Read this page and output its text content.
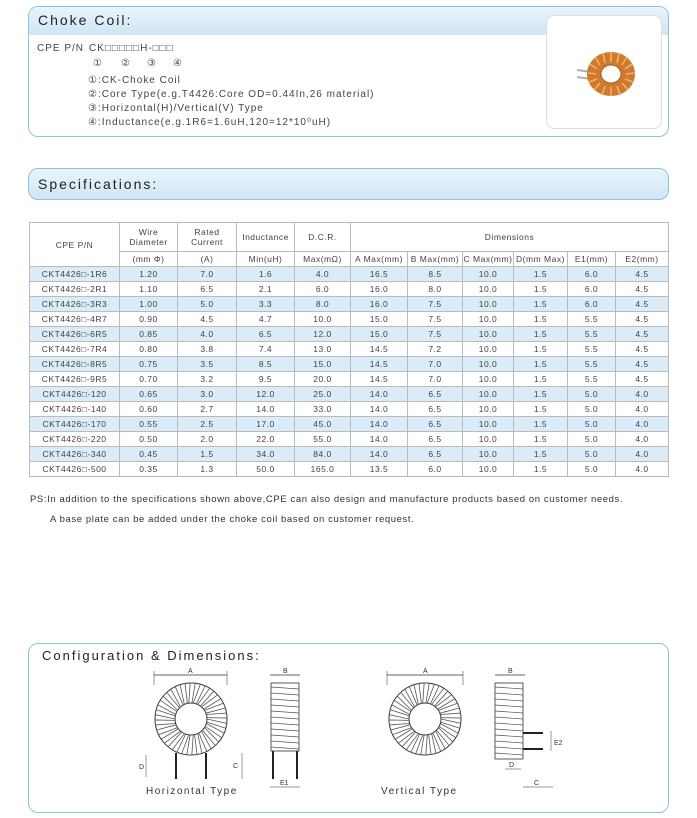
Choke Coil:
CPE P/N CK□□□□□H-□□□
① ② ③ ④
①:CK-Choke Coil
②:Core Type(e.g.T4426:Core OD=0.44In,26 material)
③:Horizontal(H)/Vertical(V) Type
④:Inductance(e.g.1R6=1.6uH,120=12*10⁰uH)
Specifications:
CPE P/N	Wire Diameter	Rated Current	Inductance	D.C.R.	Dimensions					
	(mm Φ)	(A)	Min(uH)	Max(mΩ)	A Max(mm)	B Max(mm)	C Max(mm)	D(mm Max)	E1(mm)	E2(mm)
CKT4426□-1R6	1.20	7.0	1.6	4.0	16.5	8.5	10.0	1.5	6.0	4.5
CKT4426□-2R1	1.10	6.5	2.1	6.0	16.0	8.0	10.0	1.5	6.0	4.5
CKT4426□-3R3	1.00	5.0	3.3	8.0	16.0	7.5	10.0	1.5	6.0	4.5
CKT4426□-4R7	0.90	4.5	4.7	10.0	15.0	7.5	10.0	1.5	5.5	4.5
CKT4426□-6R5	0.85	4.0	6.5	12.0	15.0	7.5	10.0	1.5	5.5	4.5
CKT4426□-7R4	0.80	3.8	7.4	13.0	14.5	7.2	10.0	1.5	5.5	4.5
CKT4426□-8R5	0.75	3.5	8.5	15.0	14.5	7.0	10.0	1.5	5.5	4.5
CKT4426□-9R5	0.70	3.2	9.5	20.0	14.5	7.0	10.0	1.5	5.5	4.5
CKT4426□-120	0.65	3.0	12.0	25.0	14.0	6.5	10.0	1.5	5.0	4.0
CKT4426□-140	0.60	2.7	14.0	33.0	14.0	6.5	10.0	1.5	5.0	4.0
CKT4426□-170	0.55	2.5	17.0	45.0	14.0	6.5	10.0	1.5	5.0	4.0
CKT4426□-220	0.50	2.0	22.0	55.0	14.0	6.5	10.0	1.5	5.0	4.0
CKT4426□-340	0.45	1.5	34.0	84.0	14.0	6.5	10.0	1.5	5.0	4.0
CKT4426□-500	0.35	1.3	50.0	165.0	13.5	6.0	10.0	1.5	5.0	4.0
PS:In addition to the specifications shown above,CPE can also design and manufacture products based on customer needs.
A base plate can be added under the choke coil based on customer request.
Configuration & Dimensions:
A
D	C
B
E1
Horizontal Type
A	B
E2
D
C
Vertical Type
